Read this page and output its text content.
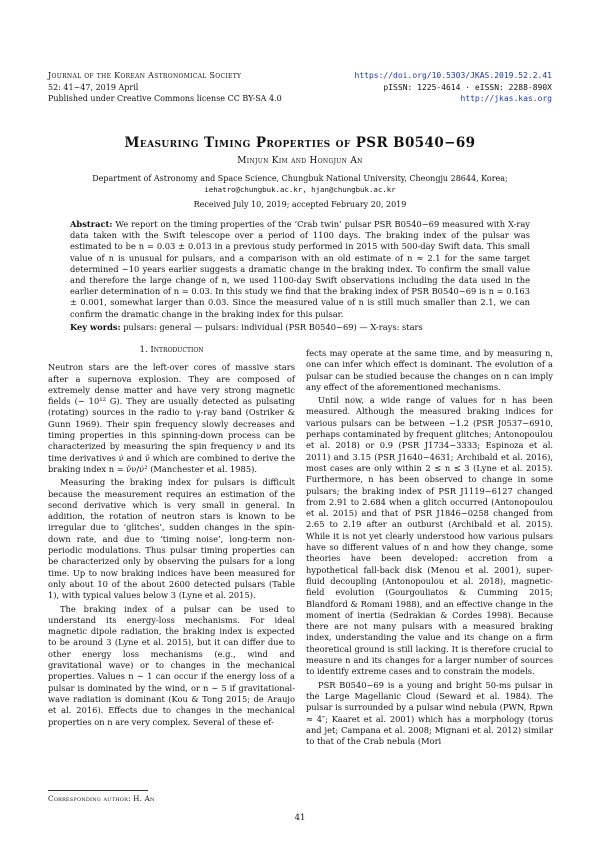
Journal of the Korean Astronomical Society
52: 41∼47, 2019 April
Published under Creative Commons license CC BY-SA 4.0
https://doi.org/10.5303/JKAS.2019.52.2.41
pISSN: 1225-4614 · eISSN: 2288-890X
http://jkas.kas.org
Measuring Timing Properties of PSR B0540−69
Minjun Kim and Hongjun An
Department of Astronomy and Space Science, Chungbuk National University, Cheongju 28644, Korea;
iehatro@chungbuk.ac.kr, hjan@chungbuk.ac.kr
Received July 10, 2019; accepted February 20, 2019
Abstract: We report on the timing properties of the ‘Crab twin’ pulsar PSR B0540−69 measured with X-ray data taken with the Swift telescope over a period of 1100 days. The braking index of the pulsar was estimated to be n = 0.03 ± 0.013 in a previous study performed in 2015 with 500-day Swift data. This small value of n is unusual for pulsars, and a comparison with an old estimate of n ≈ 2.1 for the same target determined ∼10 years earlier suggests a dramatic change in the braking index. To confirm the small value and therefore the large change of n, we used 1100-day Swift observations including the data used in the earlier determination of n = 0.03. In this study we find that the braking index of PSR B0540−69 is n = 0.163 ± 0.001, somewhat larger than 0.03. Since the measured value of n is still much smaller than 2.1, we can confirm the dramatic change in the braking index for this pulsar.
Key words: pulsars: general — pulsars: individual (PSR B0540−69) — X-rays: stars
1. Introduction

Neutron stars are the left-over cores of massive stars after a supernova explosion. They are composed of extremely dense matter and have very strong magnetic fields (∼ 10¹² G). They are usually detected as pulsating (rotating) sources in the radio to γ-ray band (Ostriker & Gunn 1969). Their spin frequency slowly decreases and timing properties in this spinning-down process can be characterized by measuring the spin frequency ν and its time derivatives ν̇ and ν̈ which are combined to derive the braking index n = ν̈ν/ν̇² (Manchester et al. 1985).

Measuring the braking index for pulsars is difficult because the measurement requires an estimation of the second derivative which is very small in general. In addition, the rotation of neutron stars is known to be irregular due to ‘glitches’, sudden changes in the spin-down rate, and due to ‘timing noise’, long-term non-periodic modulations. Thus pulsar timing properties can be characterized only by observing the pulsars for a long time. Up to now braking indices have been measured for only about 10 of the about 2600 detected pulsars (Table 1), with typical values below 3 (Lyne et al. 2015).

The braking index of a pulsar can be used to understand its energy-loss mechanisms. For ideal magnetic dipole radiation, the braking index is expected to be around 3 (Lyne et al. 2015), but it can differ due to other energy loss mechanisms (e.g., wind and gravitational wave) or to changes in the mechanical properties. Values n ∼ 1 can occur if the energy loss of a pulsar is dominated by the wind, or n ∼ 5 if gravitational-wave radiation is dominant (Kou & Tong 2015; de Araujo et al. 2016). Effects due to changes in the mechanical properties on n are very complex. Several of these ef-

fects may operate at the same time, and by measuring n, one can infer which effect is dominant. The evolution of a pulsar can be studied because the changes on n can imply any effect of the aforementioned mechanisms.

Until now, a wide range of values for n has been measured. Although the measured braking indices for various pulsars can be between −1.2 (PSR J0537−6910, perhaps contaminated by frequent glitches; Antonopoulou et al. 2018) or 0.9 (PSR J1734−3333; Espinoza et al. 2011) and 3.15 (PSR J1640−4631; Archibald et al. 2016), most cases are only within 2 ≤ n ≤ 3 (Lyne et al. 2015). Furthermore, n has been observed to change in some pulsars; the braking index of PSR J1119−6127 changed from 2.91 to 2.684 when a glitch occurred (Antonopoulou et al. 2015) and that of PSR J1846−0258 changed from 2.65 to 2.19 after an outburst (Archibald et al. 2015). While it is not yet clearly understood how various pulsars have so different values of n and how they change, some theories have been developed: accretion from a hypothetical fall-back disk (Menou et al. 2001), super-fluid decoupling (Antonopoulou et al. 2018), magnetic-field evolution (Gourgouliatos & Cumming 2015; Blandford & Romani 1988), and an effective change in the moment of inertia (Sedrakian & Cordes 1998). Because there are not many pulsars with a measured braking index, understanding the value and its change on a firm theoretical ground is still lacking. It is therefore crucial to measure n and its changes for a larger number of sources to identify extreme cases and to constrain the models.

PSR B0540−69 is a young and bright 50-ms pulsar in the Large Magellanic Cloud (Seward et al. 1984). The pulsar is surrounded by a pulsar wind nebula (PWN, Rpwn ≈ 4″; Kaaret et al. 2001) which has a morphology (torus and jet; Campana et al. 2008; Mignani et al. 2012) similar to that of the Crab nebula (Mori

Corresponding author: H. An
41
